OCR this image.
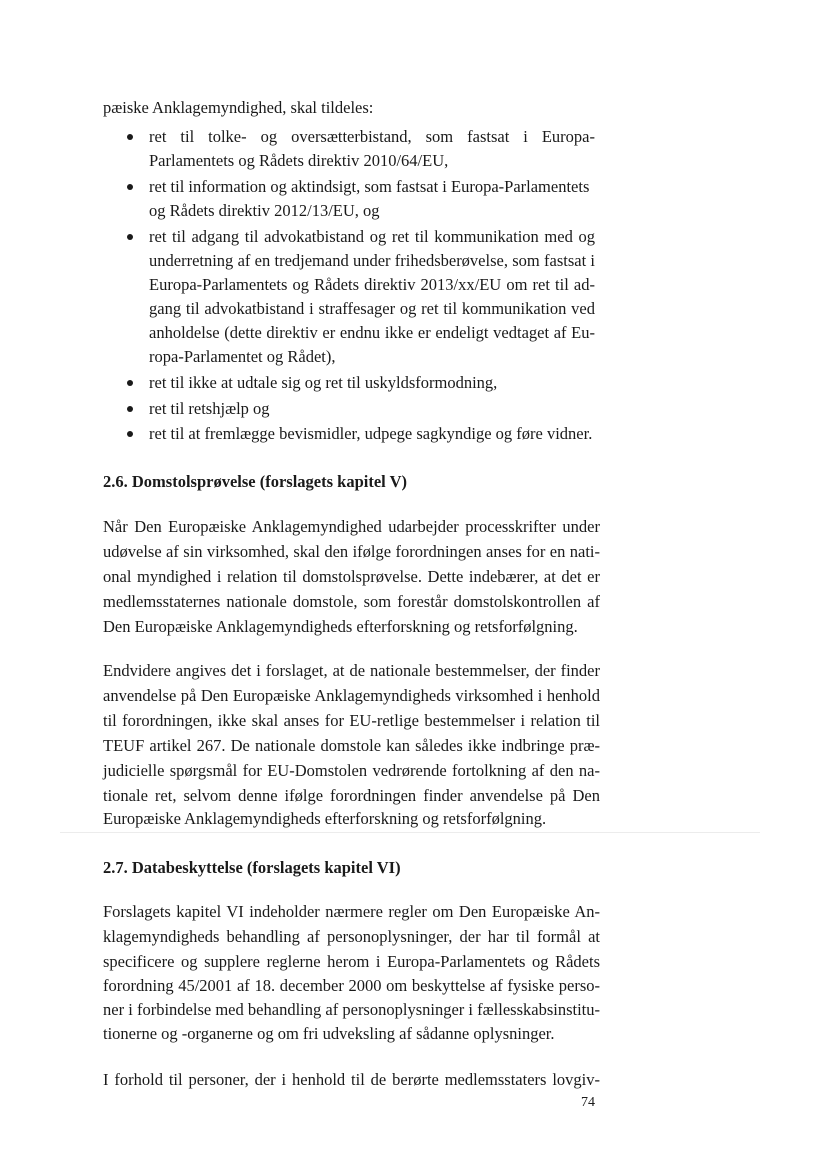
pæiske Anklagemyndighed, skal tildeles:
ret til tolke- og oversætterbistand, som fastsat i Europa-
Parlamentets og Rådets direktiv 2010/64/EU,
ret til information og aktindsigt, som fastsat i Europa-Parlamentets
og Rådets direktiv 2012/13/EU, og
ret til adgang til advokatbistand og ret til kommunikation med og
underretning af en tredjemand under frihedsberøvelse, som fastsat i
Europa-Parlamentets og Rådets direktiv 2013/xx/EU om ret til ad-
gang til advokatbistand i straffesager og ret til kommunikation ved
anholdelse (dette direktiv er endnu ikke er endeligt vedtaget af Eu-
ropa-Parlamentet og Rådet),
ret til ikke at udtale sig og ret til uskyldsformodning,
ret til retshjælp og
ret til at fremlægge bevismidler, udpege sagkyndige og føre vidner.
2.6. Domstolsprøvelse (forslagets kapitel V)
Når Den Europæiske Anklagemyndighed udarbejder processkrifter under
udøvelse af sin virksomhed, skal den ifølge forordningen anses for en nati-
onal myndighed i relation til domstolsprøvelse. Dette indebærer, at det er
medlemsstaternes nationale domstole, som forestår domstolskontrollen af
Den Europæiske Anklagemyndigheds efterforskning og retsforfølgning.
Endvidere angives det i forslaget, at de nationale bestemmelser, der finder
anvendelse på Den Europæiske Anklagemyndigheds virksomhed i henhold
til forordningen, ikke skal anses for EU-retlige bestemmelser i relation til
TEUF artikel 267. De nationale domstole kan således ikke indbringe præ-
judicielle spørgsmål for EU-Domstolen vedrørende fortolkning af den na-
tionale ret, selvom denne ifølge forordningen finder anvendelse på Den
Europæiske Anklagemyndigheds efterforskning og retsforfølgning.
2.7. Databeskyttelse (forslagets kapitel VI)
Forslagets kapitel VI indeholder nærmere regler om Den Europæiske An-
klagemyndigheds behandling af personoplysninger, der har til formål at
specificere og supplere reglerne herom i Europa-Parlamentets og Rådets
forordning 45/2001 af 18. december 2000 om beskyttelse af fysiske perso-
ner i forbindelse med behandling af personoplysninger i fællesskabsinstitu-
tionerne og -organerne og om fri udveksling af sådanne oplysninger.
I forhold til personer, der i henhold til de berørte medlemsstaters lovgiv-
74
